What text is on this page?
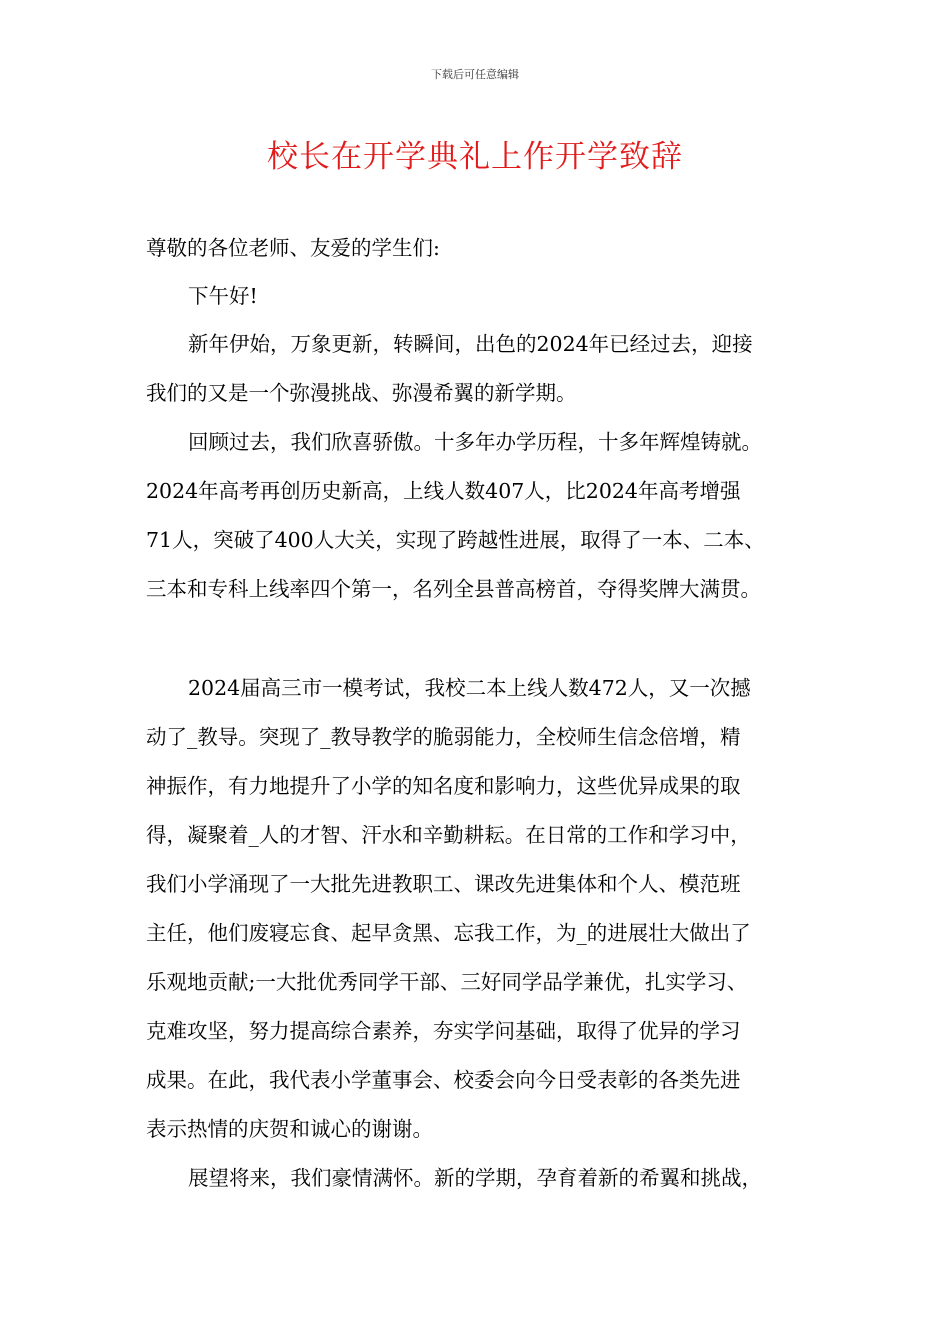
下载后可任意编辑
校长在开学典礼上作开学致辞

尊敬的各位老师、友爱的学生们:

下午好!

新年伊始，万象更新，转瞬间，出色的2024年已经过去，迎接
我们的又是一个弥漫挑战、弥漫希翼的新学期。

回顾过去，我们欣喜骄傲。十多年办学历程，十多年辉煌铸就。
2024年高考再创历史新高，上线人数407人，比2024年高考增强
71人，突破了400人大关，实现了跨越性进展，取得了一本、二本、
三本和专科上线率四个第一，名列全县普高榜首，夺得奖牌大满贯。

2024届高三市一模考试，我校二本上线人数472人，又一次撼
动了_教导。突现了_教导教学的脆弱能力，全校师生信念倍增，精
神振作，有力地提升了小学的知名度和影响力，这些优异成果的取
得，凝聚着_人的才智、汗水和辛勤耕耘。在日常的工作和学习中，
我们小学涌现了一大批先进教职工、课改先进集体和个人、模范班
主任，他们废寝忘食、起早贪黑、忘我工作，为_的进展壮大做出了
乐观地贡献;一大批优秀同学干部、三好同学品学兼优，扎实学习、
克难攻坚，努力提高综合素养，夯实学问基础，取得了优异的学习
成果。在此，我代表小学董事会、校委会向今日受表彰的各类先进
表示热情的庆贺和诚心的谢谢。

展望将来，我们豪情满怀。新的学期，孕育着新的希翼和挑战，
